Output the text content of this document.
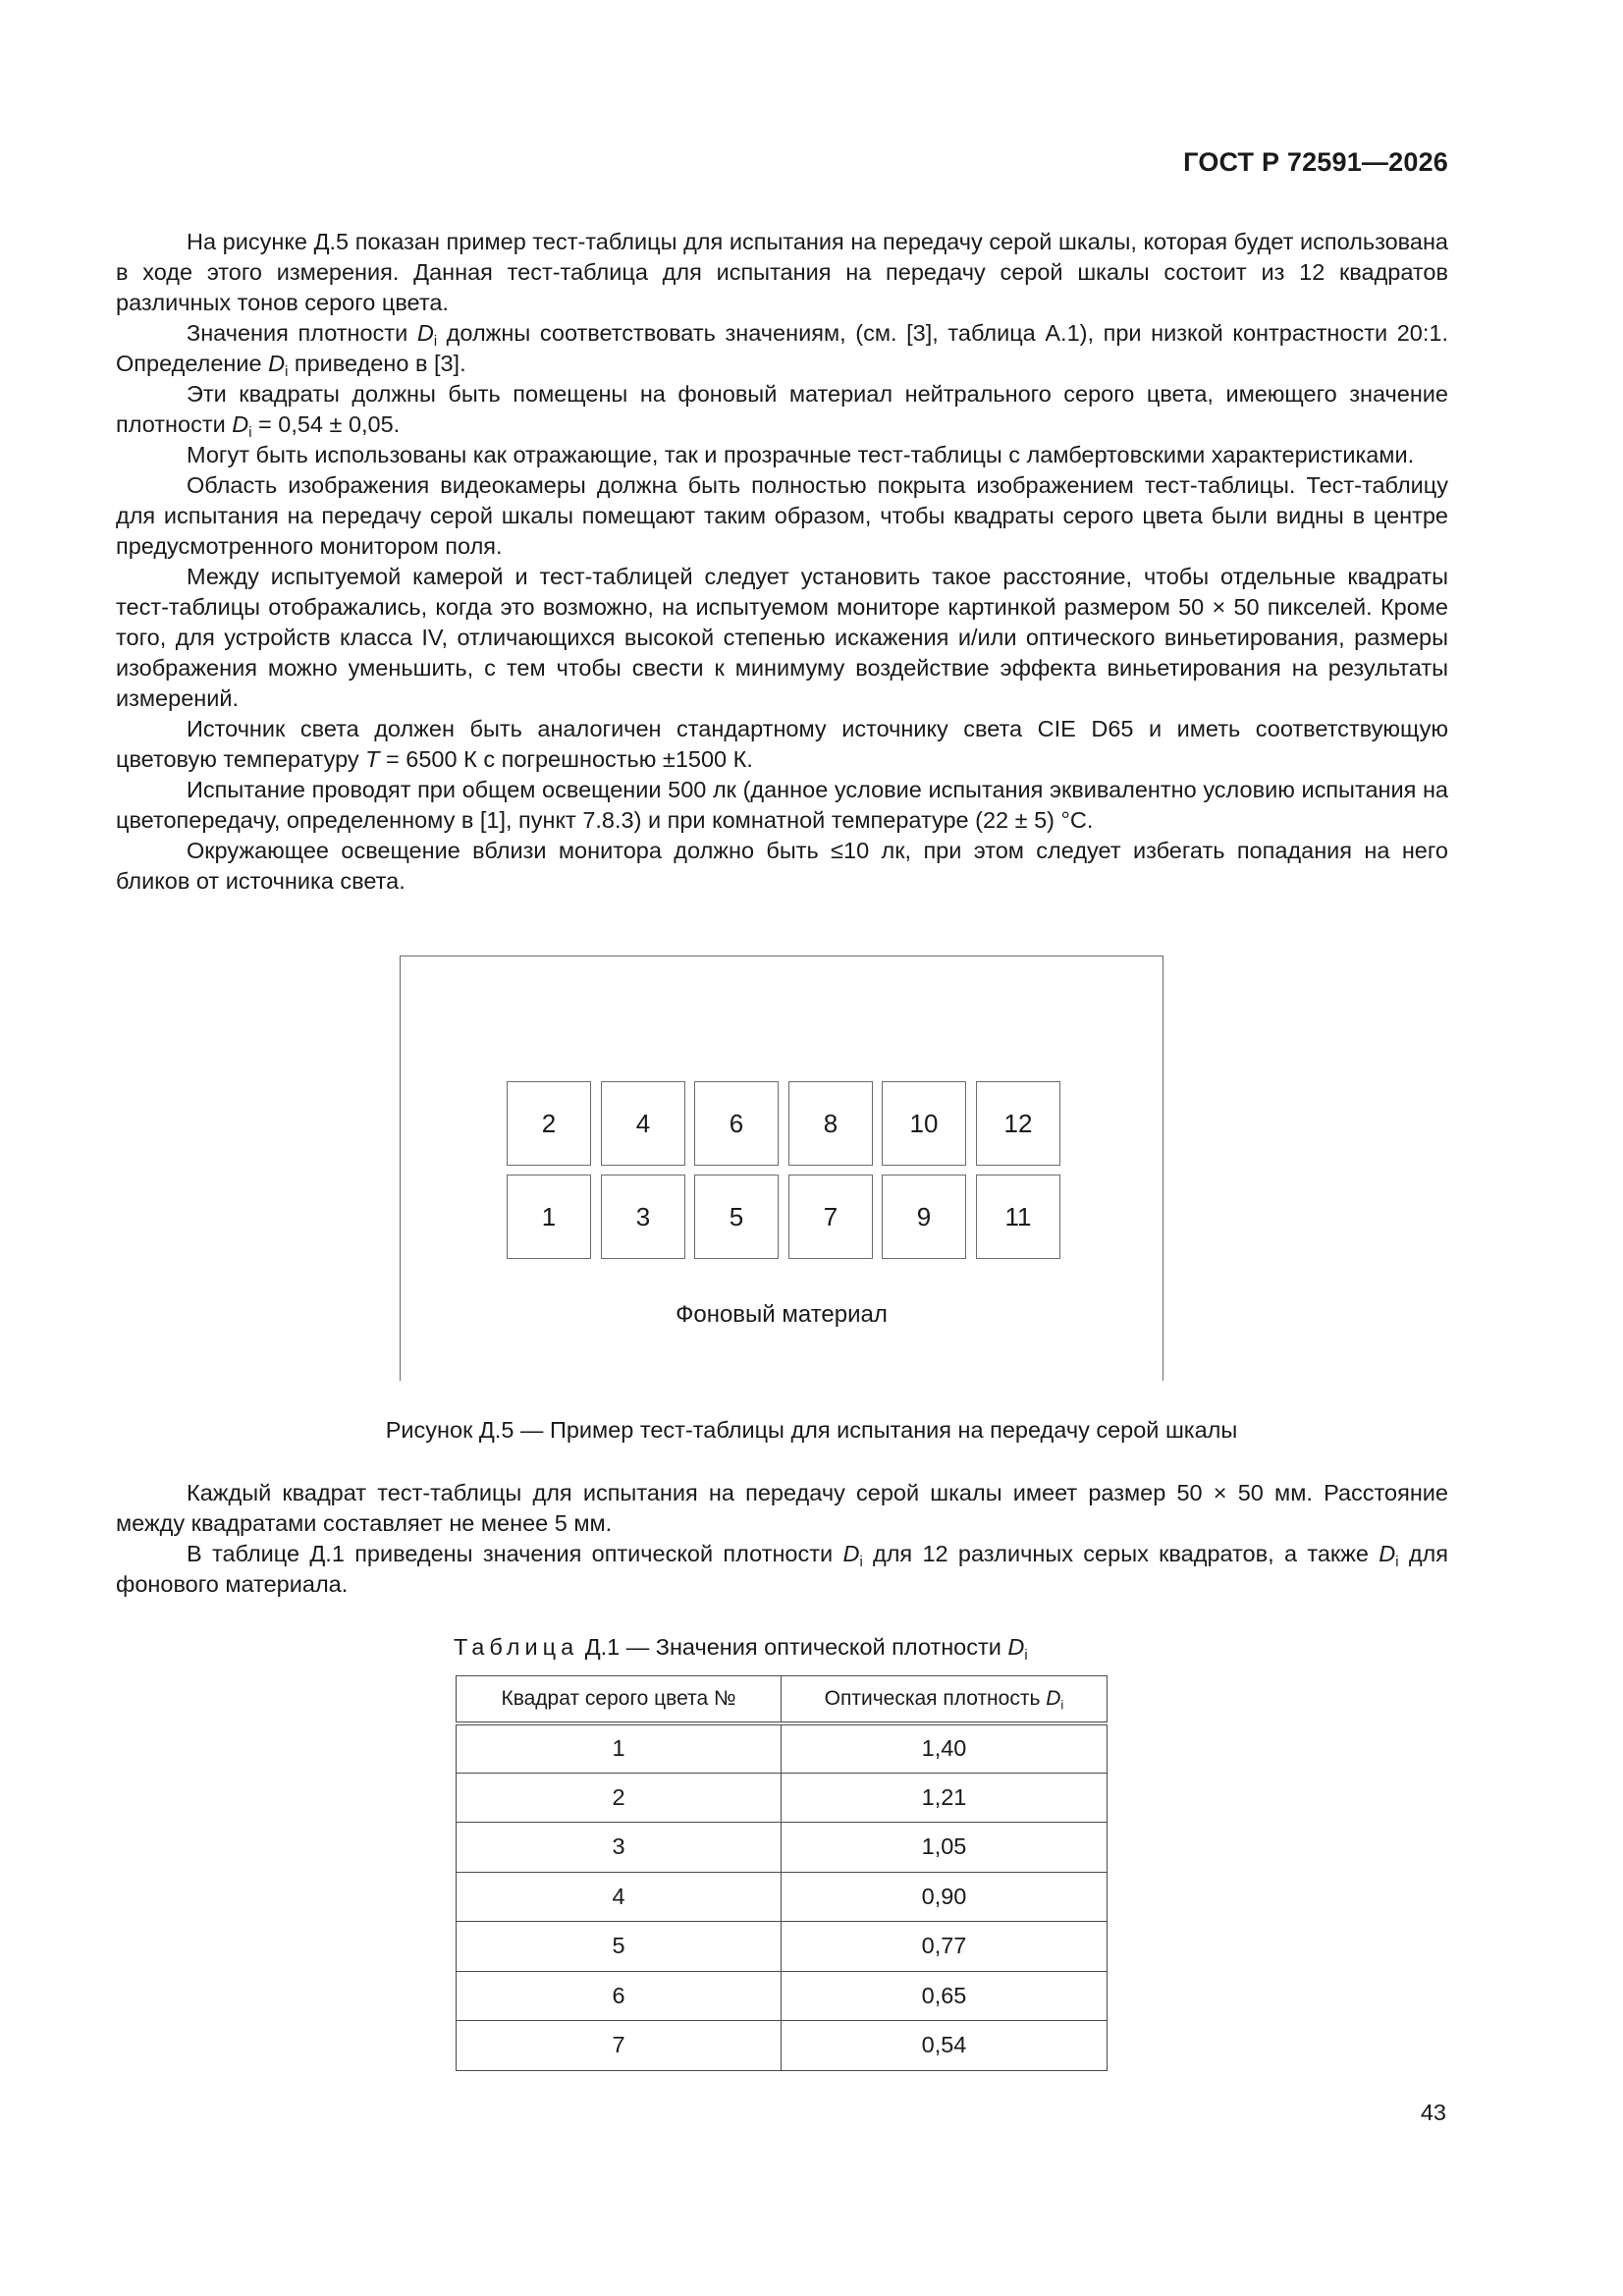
ГОСТ Р 72591—2026

На рисунке Д.5 показан пример тест-таблицы для испытания на передачу серой шкалы, которая будет использована в ходе этого измерения. Данная тест-таблица для испытания на передачу серой шкалы состоит из 12 квадратов различных тонов серого цвета.

Значения плотности $D_i$ должны соответствовать значениям, (см. [3], таблица А.1), при низкой контрастности 20:1. Определение $D_i$ приведено в [3].

Эти квадраты должны быть помещены на фоновый материал нейтрального серого цвета, имеющего значение плотности $D_i = 0,54 \pm 0,05$.

Могут быть использованы как отражающие, так и прозрачные тест-таблицы с ламбертовскими характеристиками.

Область изображения видеокамеры должна быть полностью покрыта изображением тест-таблицы. Тест-таблицу для испытания на передачу серой шкалы помещают таким образом, чтобы квадраты серого цвета были видны в центре предусмотренного монитором поля.

Между испытуемой камерой и тест-таблицей следует установить такое расстояние, чтобы отдельные квадраты тест-таблицы отображались, когда это возможно, на испытуемом мониторе картинкой размером 50 × 50 пикселей. Кроме того, для устройств класса IV, отличающихся высокой степенью искажения и/или оптического виньетирования, размеры изображения можно уменьшить, с тем чтобы свести к минимуму воздействие эффекта виньетирования на результаты измерений.

Источник света должен быть аналогичен стандартному источнику света CIE D65 и иметь соответствующую цветовую температуру T = 6500 К с погрешностью ±1500 К.

Испытание проводят при общем освещении 500 лк (данное условие испытания эквивалентно условию испытания на цветопередачу, определенному в [1], пункт 7.8.3) и при комнатной температуре (22 ± 5) °С.

Окружающее освещение вблизи монитора должно быть ≤10 лк, при этом следует избегать попадания на него бликов от источника света.

2	4	6	8	10	12
1	3	5	7	9	11
Фоновый материал
Рисунок Д.5 — Пример тест-таблицы для испытания на передачу серой шкалы

Каждый квадрат тест-таблицы для испытания на передачу серой шкалы имеет размер 50 × 50 мм. Расстояние между квадратами составляет не менее 5 мм.

В таблице Д.1 приведены значения оптической плотности $D_i$ для 12 различных серых квадратов, а также $D_i$ для фонового материала.

Таблица Д.1 — Значения оптической плотности $D_i$
Квадрат серого цвета №	Оптическая плотность $D_i$
1	1,40
2	1,21
3	1,05
4	0,90
5	0,77
6	0,65
7	0,54
43
